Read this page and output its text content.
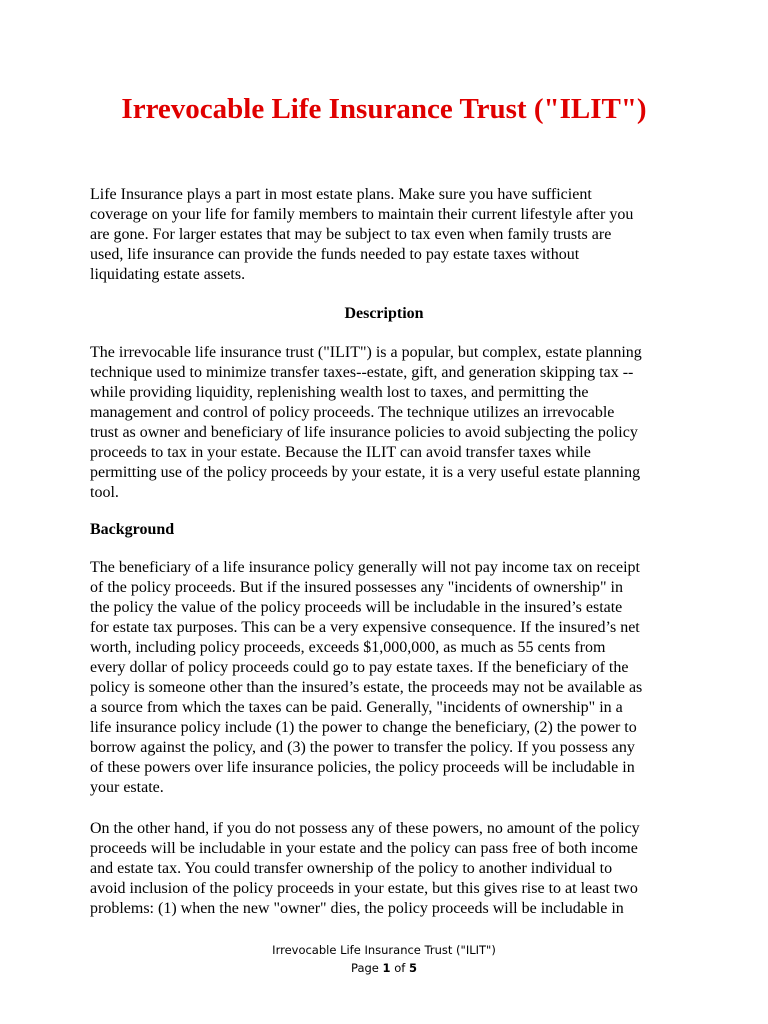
Irrevocable Life Insurance Trust ("ILIT")
Life Insurance plays a part in most estate plans. Make sure you have sufficient
coverage on your life for family members to maintain their current lifestyle after you
are gone. For larger estates that may be subject to tax even when family trusts are
used, life insurance can provide the funds needed to pay estate taxes without
liquidating estate assets.
Description
The irrevocable life insurance trust ("ILIT") is a popular, but complex, estate planning
technique used to minimize transfer taxes--estate, gift, and generation skipping tax --
while providing liquidity, replenishing wealth lost to taxes, and permitting the
management and control of policy proceeds. The technique utilizes an irrevocable
trust as owner and beneficiary of life insurance policies to avoid subjecting the policy
proceeds to tax in your estate. Because the ILIT can avoid transfer taxes while
permitting use of the policy proceeds by your estate, it is a very useful estate planning
tool.
Background
The beneficiary of a life insurance policy generally will not pay income tax on receipt
of the policy proceeds. But if the insured possesses any "incidents of ownership" in
the policy the value of the policy proceeds will be includable in the insured’s estate
for estate tax purposes. This can be a very expensive consequence. If the insured’s net
worth, including policy proceeds, exceeds $1,000,000, as much as 55 cents from
every dollar of policy proceeds could go to pay estate taxes. If the beneficiary of the
policy is someone other than the insured’s estate, the proceeds may not be available as
a source from which the taxes can be paid. Generally, "incidents of ownership" in a
life insurance policy include (1) the power to change the beneficiary, (2) the power to
borrow against the policy, and (3) the power to transfer the policy. If you possess any
of these powers over life insurance policies, the policy proceeds will be includable in
your estate.
On the other hand, if you do not possess any of these powers, no amount of the policy
proceeds will be includable in your estate and the policy can pass free of both income
and estate tax. You could transfer ownership of the policy to another individual to
avoid inclusion of the policy proceeds in your estate, but this gives rise to at least two
problems: (1) when the new "owner" dies, the policy proceeds will be includable in
Irrevocable Life Insurance Trust ("ILIT")
Page 1 of 5
